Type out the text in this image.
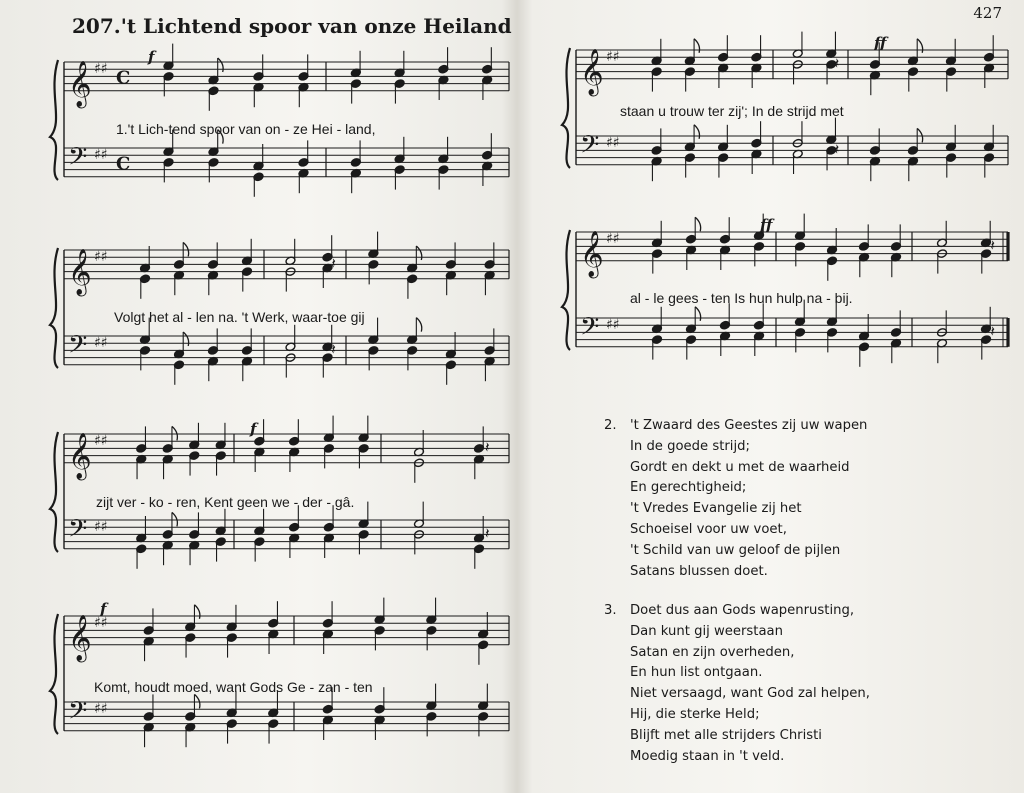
207.'t Lichtend spoor van onze Heiland
𝄞 ♯♯ C
𝄢 ♯♯ C
f
1.'t Lich-tend spoor van on - ze Hei - land,
𝄞 ♯♯	𝄽
𝄢 ♯♯	𝄽
Volgt het al - len na. 't Werk, waar-toe gij
𝄞 ♯♯	𝄽
𝄢 ♯♯	𝄽
f
zijt ver - ko - ren, Kent geen we - der - gâ.
𝄞 ♯♯
𝄢 ♯♯
f
Komt, houdt moed, want Gods Ge - zan - ten
427
𝄞 ♯♯	𝄽
𝄢 ♯♯	𝄽
ff
staan u trouw ter zij'; In de strijd met
𝄞 ♯♯	𝄽
𝄢 ♯♯	𝄽
ff
al - le gees - ten Is hun hulp na - bij.
2. 't Zwaard des Geestes zij uw wapen
In de goede strijd;
Gordt en dekt u met de waarheid
En gerechtigheid;
't Vredes Evangelie zij het
Schoeisel voor uw voet,
't Schild van uw geloof de pijlen
Satans blussen doet.
3. Doet dus aan Gods wapenrusting,
Dan kunt gij weerstaan
Satan en zijn overheden,
En hun list ontgaan.
Niet versaagd, want God zal helpen,
Hij, die sterke Held;
Blijft met alle strijders Christi
Moedig staan in 't veld.
